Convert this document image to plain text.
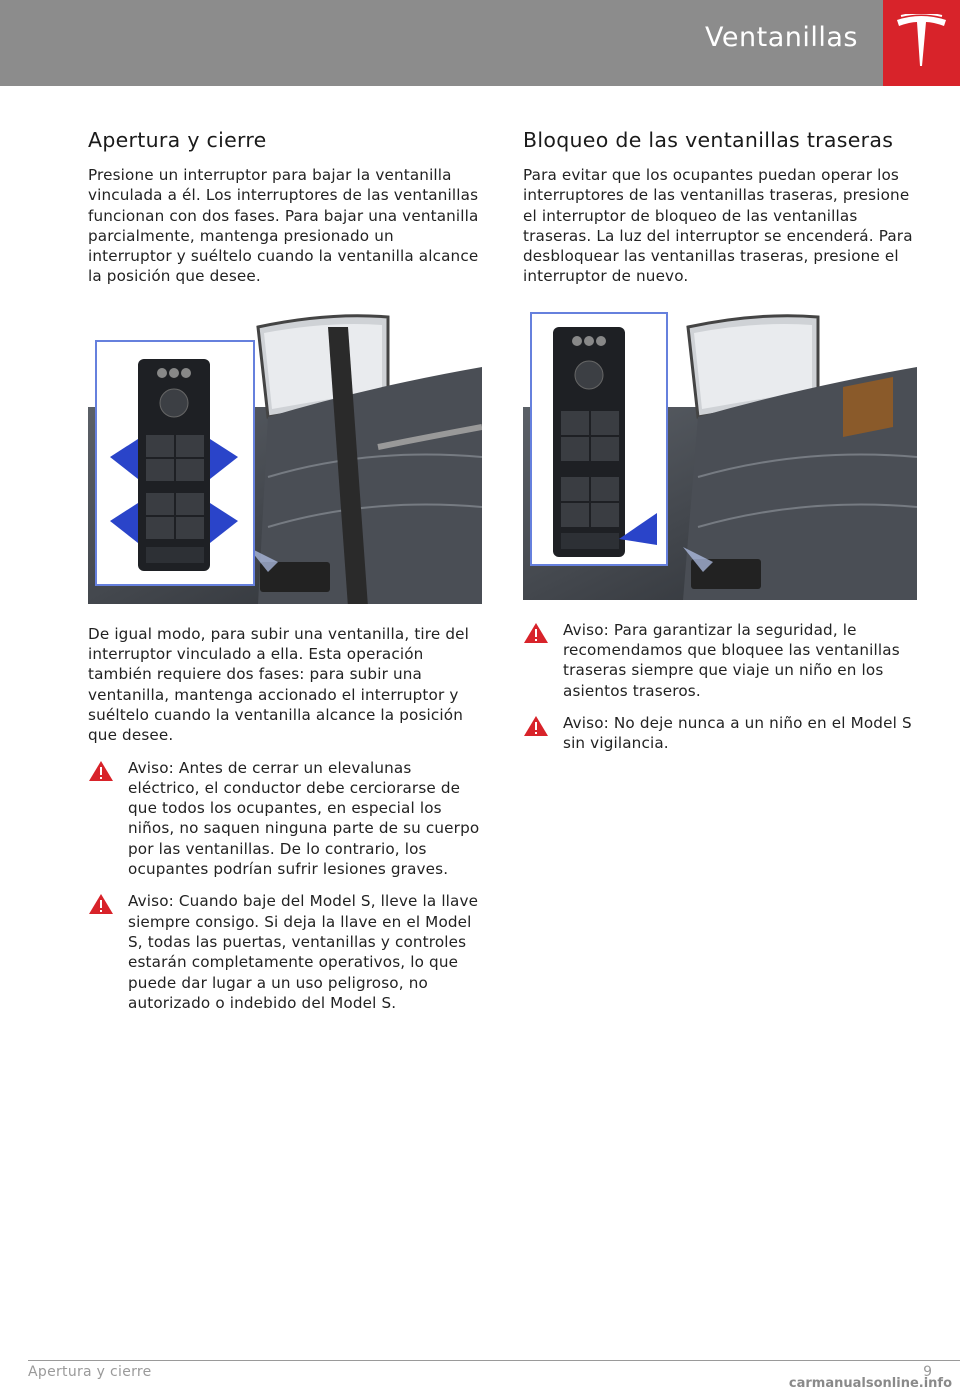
Ventanillas
Apertura y cierre

Presione un interruptor para bajar la ventanilla vinculada a él. Los interruptores de las ventanillas funcionan con dos fases. Para bajar una ventanilla parcialmente, mantenga presionado un interruptor y suéltelo cuando la ventanilla alcance la posición que desee.

De igual modo, para subir una ventanilla, tire del interruptor vinculado a ella. Esta operación también requiere dos fases: para subir una ventanilla, mantenga accionado el interruptor y suéltelo cuando la ventanilla alcance la posición que desee.

Aviso: Antes de cerrar un elevalunas eléctrico, el conductor debe cerciorarse de que todos los ocupantes, en especial los niños, no saquen ninguna parte de su cuerpo por las ventanillas. De lo contrario, los ocupantes podrían sufrir lesiones graves.

Aviso: Cuando baje del Model S, lleve la llave siempre consigo. Si deja la llave en el Model S, todas las puertas, ventanillas y controles estarán completamente operativos, lo que puede dar lugar a un uso peligroso, no autorizado o indebido del Model S.

Bloqueo de las ventanillas traseras

Para evitar que los ocupantes puedan operar los interruptores de las ventanillas traseras, presione el interruptor de bloqueo de las ventanillas traseras. La luz del interruptor se encenderá. Para desbloquear las ventanillas traseras, presione el interruptor de nuevo.

Aviso: Para garantizar la seguridad, le recomendamos que bloquee las ventanillas traseras siempre que viaje un niño en los asientos traseros.

Aviso: No deje nunca a un niño en el Model S sin vigilancia.

Apertura y cierre	9
carmanualsonline.info
